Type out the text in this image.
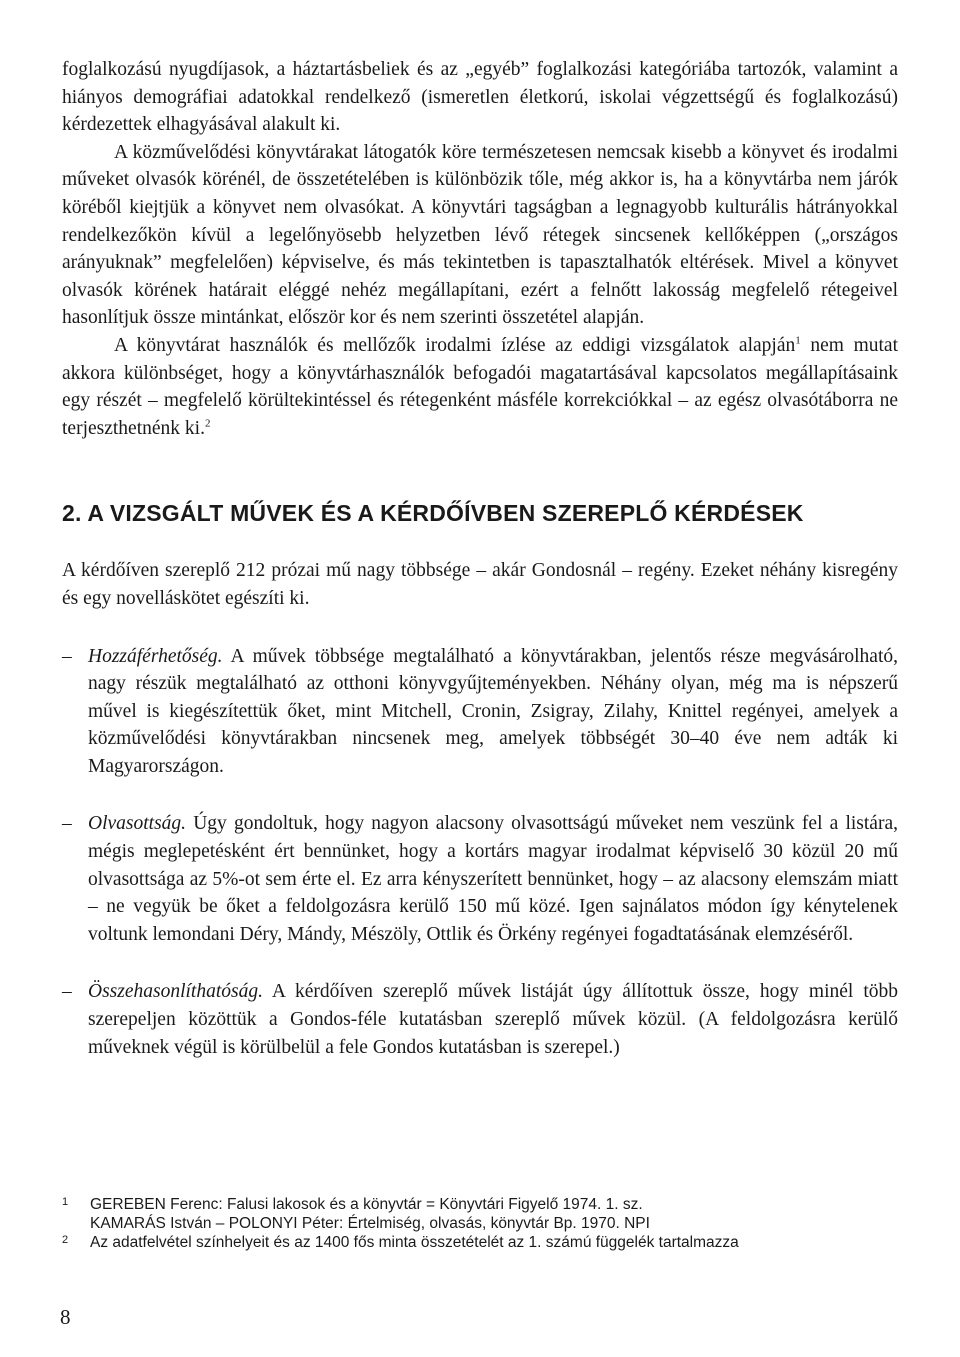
foglalkozású nyugdíjasok, a háztartásbeliek és az „egyéb” foglalkozási kategóriába tartozók, valamint a hiányos demográfiai adatokkal rendelkező (ismeretlen életkorú, iskolai végzettségű és foglalkozású) kérdezettek elhagyásával alakult ki.

A közművelődési könyvtárakat látogatók köre természetesen nemcsak kisebb a könyvet és irodalmi műveket olvasók körénél, de összetételében is különbözik tőle, még akkor is, ha a könyvtárba nem járók köréből kiejtjük a könyvet nem olvasókat. A könyvtári tagságban a legnagyobb kulturális hátrányokkal rendelkezőkön kívül a legelőnyösebb helyzetben lévő rétegek sincsenek kellőképpen („országos arányuknak” megfelelően) képviselve, és más tekintetben is tapasztalhatók eltérések. Mivel a könyvet olvasók körének határait eléggé nehéz megállapítani, ezért a felnőtt lakosság megfelelő rétegeivel hasonlítjuk össze mintánkat, először kor és nem szerinti összetétel alapján.

A könyvtárat használók és mellőzők irodalmi ízlése az eddigi vizsgálatok alapján$^1$ nem mutat akkora különbséget, hogy a könyvtárhasználók befogadói magatartásával kapcsolatos megállapításaink egy részét – megfelelő körültekintéssel és rétegenként másféle korrekciókkal – az egész olvasótáborra ne terjeszthetnénk ki.$^2$

2. A VIZSGÁLT MŰVEK ÉS A KÉRDŐÍVBEN SZEREPLŐ KÉRDÉSEK

A kérdőíven szereplő 212 prózai mű nagy többsége – akár Gondosnál – regény. Ezeket néhány kisregény és egy novelláskötet egészíti ki.

– Hozzáférhetőség. A művek többsége megtalálható a könyvtárakban, jelentős része megvásárolható, nagy részük megtalálható az otthoni könyvgyűjteményekben. Néhány olyan, még ma is népszerű művel is kiegészítettük őket, mint Mitchell, Cronin, Zsigray, Zilahy, Knittel regényei, amelyek a közművelődési könyvtárakban nincsenek meg, amelyek többségét 30–40 éve nem adták ki Magyarországon.

– Olvasottság. Úgy gondoltuk, hogy nagyon alacsony olvasottságú műveket nem veszünk fel a listára, mégis meglepetésként ért bennünket, hogy a kortárs magyar irodalmat képviselő 30 közül 20 mű olvasottsága az 5%-ot sem érte el. Ez arra kényszerített bennünket, hogy – az alacsony elemszám miatt – ne vegyük be őket a feldolgozásra kerülő 150 mű közé. Igen sajnálatos módon így kénytelenek voltunk lemondani Déry, Mándy, Mészöly, Ottlik és Örkény regényei fogadtatásának elemzéséről.

– Összehasonlíthatóság. A kérdőíven szereplő művek listáját úgy állítottuk össze, hogy minél több szerepeljen közöttük a Gondos-féle kutatásban szereplő művek közül. (A feldolgozásra kerülő műveknek végül is körülbelül a fele Gondos kutatásban is szerepel.)

1 GEREBEN Ferenc: Falusi lakosok és a könyvtár = Könyvtári Figyelő 1974. 1. sz.

KAMARÁS István – POLONYI Péter: Értelmiség, olvasás, könyvtár Bp. 1970. NPI

2 Az adatfelvétel színhelyeit és az 1400 fős minta összetételét az 1. számú függelék tartalmazza

8
